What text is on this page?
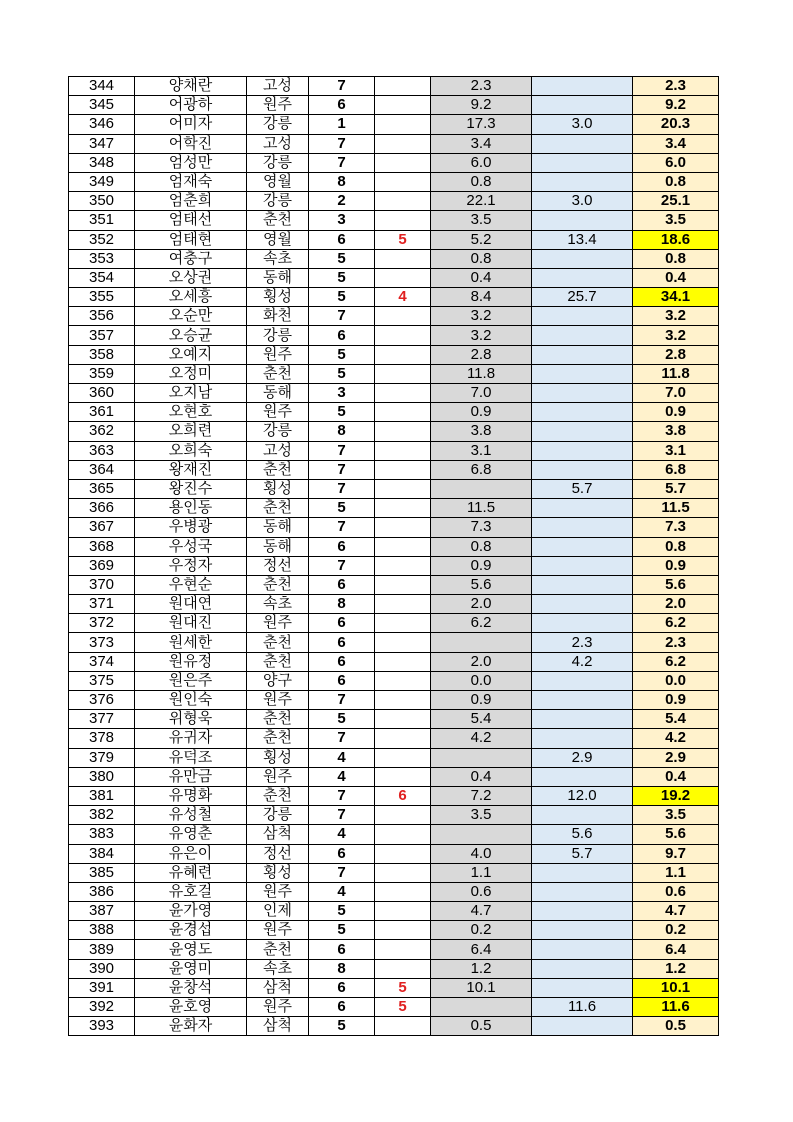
344	양채란	고성	7		2.3		2.3
345	어광하	원주	6		9.2		9.2
346	어미자	강릉	1		17.3	3.0	20.3
347	어학진	고성	7		3.4		3.4
348	엄성만	강릉	7		6.0		6.0
349	엄재숙	영월	8		0.8		0.8
350	엄춘희	강릉	2		22.1	3.0	25.1
351	엄태선	춘천	3		3.5		3.5
352	엄태현	영월	6	5	5.2	13.4	18.6
353	여충구	속초	5		0.8		0.8
354	오상권	동해	5		0.4		0.4
355	오세흥	횡성	5	4	8.4	25.7	34.1
356	오순만	화천	7		3.2		3.2
357	오승균	강릉	6		3.2		3.2
358	오예지	원주	5		2.8		2.8
359	오정미	춘천	5		11.8		11.8
360	오지남	동해	3		7.0		7.0
361	오현호	원주	5		0.9		0.9
362	오희련	강릉	8		3.8		3.8
363	오희숙	고성	7		3.1		3.1
364	왕재진	춘천	7		6.8		6.8
365	왕진수	횡성	7			5.7	5.7
366	용인동	춘천	5		11.5		11.5
367	우병광	동해	7		7.3		7.3
368	우성국	동해	6		0.8		0.8
369	우정자	정선	7		0.9		0.9
370	우현순	춘천	6		5.6		5.6
371	원대연	속초	8		2.0		2.0
372	원대진	원주	6		6.2		6.2
373	원세한	춘천	6			2.3	2.3
374	원유정	춘천	6		2.0	4.2	6.2
375	원은주	양구	6		0.0		0.0
376	원인숙	원주	7		0.9		0.9
377	위형욱	춘천	5		5.4		5.4
378	유귀자	춘천	7		4.2		4.2
379	유덕조	횡성	4			2.9	2.9
380	유만금	원주	4		0.4		0.4
381	유명화	춘천	7	6	7.2	12.0	19.2
382	유성철	강릉	7		3.5		3.5
383	유영춘	삼척	4			5.6	5.6
384	유은이	정선	6		4.0	5.7	9.7
385	유혜련	횡성	7		1.1		1.1
386	유호걸	원주	4		0.6		0.6
387	윤가영	인제	5		4.7		4.7
388	윤경섭	원주	5		0.2		0.2
389	윤영도	춘천	6		6.4		6.4
390	윤영미	속초	8		1.2		1.2
391	윤창석	삼척	6	5	10.1		10.1
392	윤호영	원주	6	5		11.6	11.6
393	윤화자	삼척	5		0.5		0.5
